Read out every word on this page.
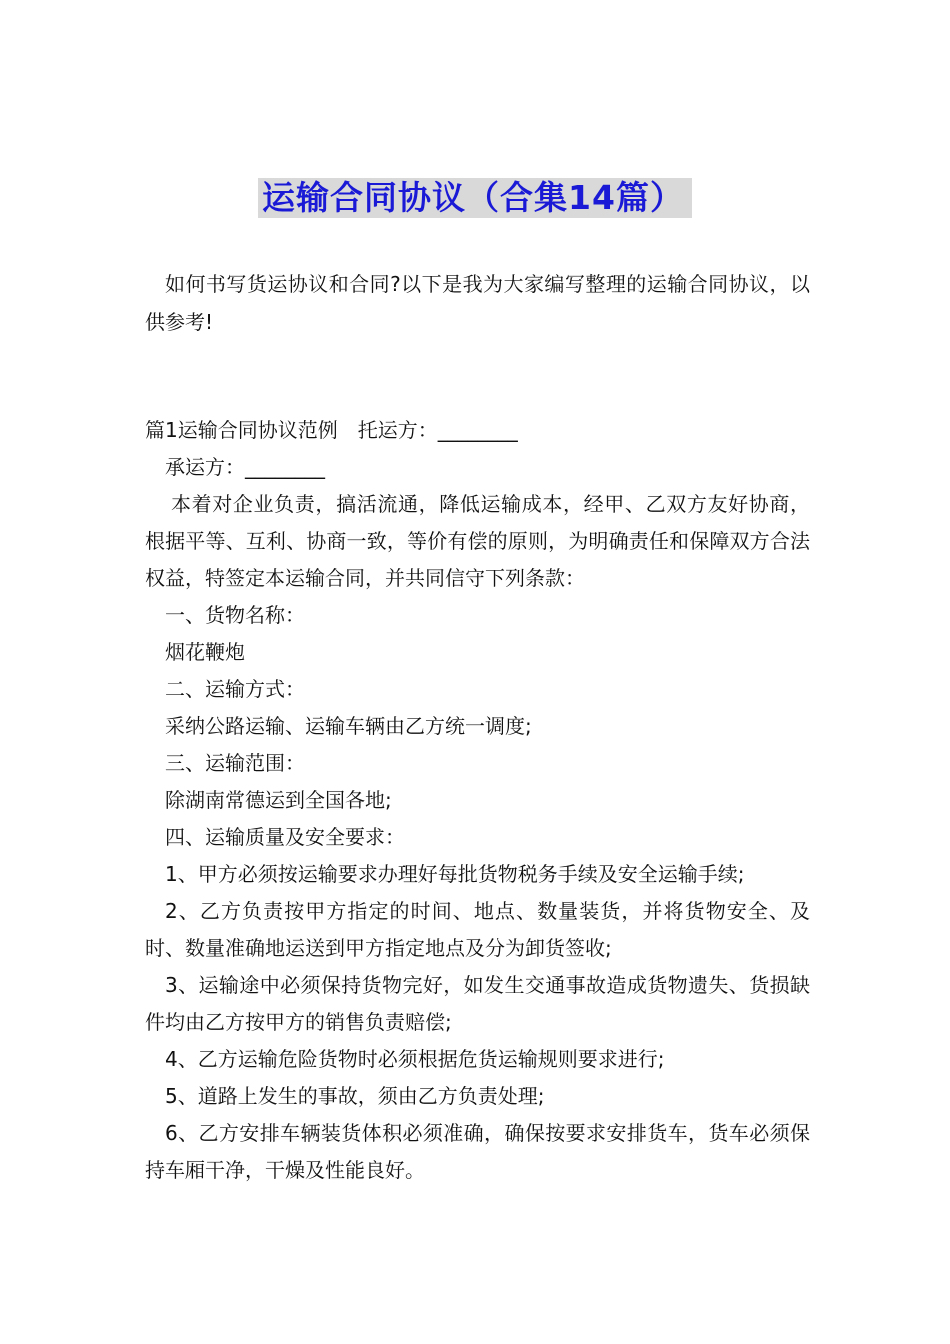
运输合同协议（合集14篇）

如何书写货运协议和合同?以下是我为大家编写整理的运输合同协议，以供参考!

篇1运输合同协议范例　托运方：________

承运方：________

本着对企业负责，搞活流通，降低运输成本，经甲、乙双方友好协商，根据平等、互利、协商一致，等价有偿的原则，为明确责任和保障双方合法权益，特签定本运输合同，并共同信守下列条款：

一、货物名称：

烟花鞭炮

二、运输方式：

采纳公路运输、运输车辆由乙方统一调度;

三、运输范围：

除湖南常德运到全国各地;

四、运输质量及安全要求：

1、甲方必须按运输要求办理好每批货物税务手续及安全运输手续;

2、乙方负责按甲方指定的时间、地点、数量装货，并将货物安全、及时、数量准确地运送到甲方指定地点及分为卸货签收;

3、运输途中必须保持货物完好，如发生交通事故造成货物遗失、货损缺件均由乙方按甲方的销售负责赔偿;

4、乙方运输危险货物时必须根据危货运输规则要求进行;

5、道路上发生的事故，须由乙方负责处理;

6、乙方安排车辆装货体积必须准确，确保按要求安排货车，货车必须保持车厢干净，干燥及性能良好。
